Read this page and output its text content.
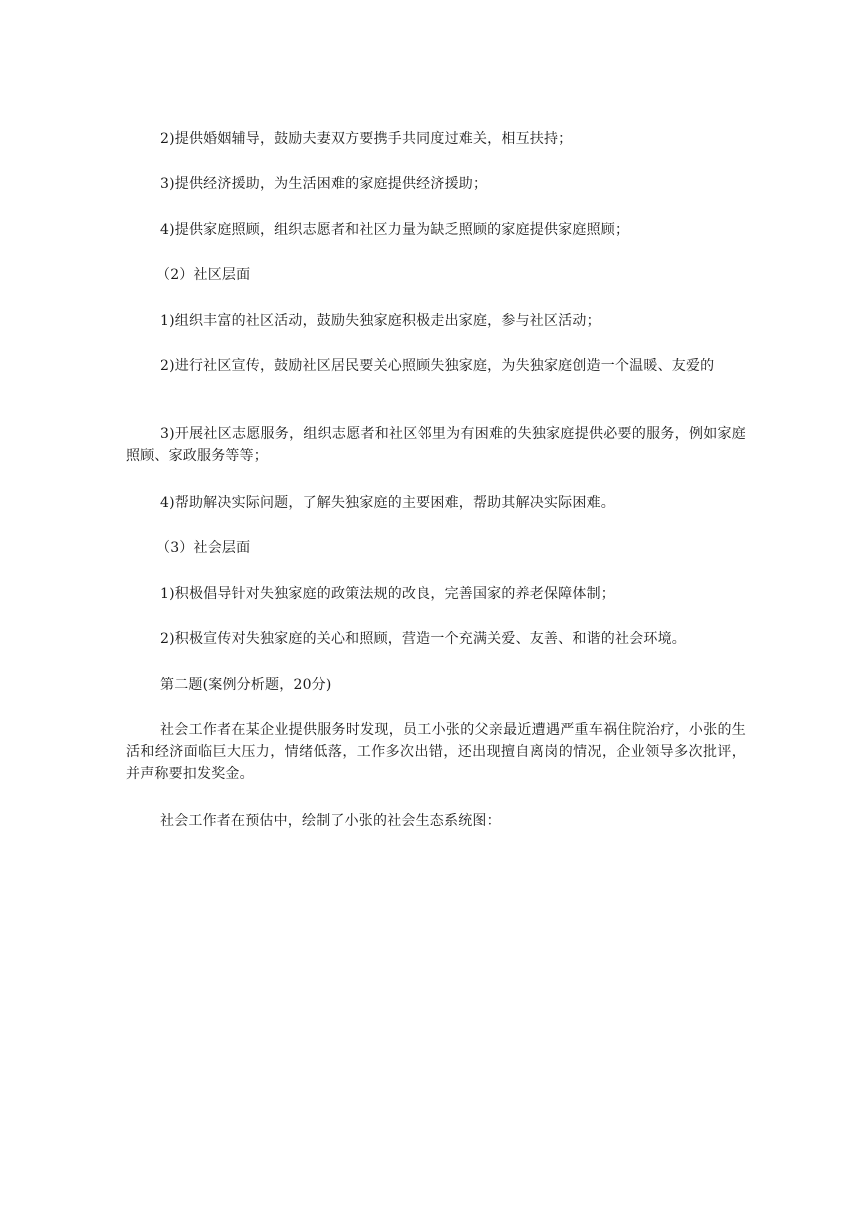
2)提供婚姻辅导，鼓励夫妻双方要携手共同度过难关，相互扶持；

3)提供经济援助，为生活困难的家庭提供经济援助；

4)提供家庭照顾，组织志愿者和社区力量为缺乏照顾的家庭提供家庭照顾；

（2）社区层面

1)组织丰富的社区活动，鼓励失独家庭积极走出家庭，参与社区活动；

2)进行社区宣传，鼓励社区居民要关心照顾失独家庭，为失独家庭创造一个温暖、友爱的

3)开展社区志愿服务，组织志愿者和社区邻里为有困难的失独家庭提供必要的服务，例如家庭照顾、家政服务等等；

4)帮助解决实际问题，了解失独家庭的主要困难，帮助其解决实际困难。

（3）社会层面

1)积极倡导针对失独家庭的政策法规的改良，完善国家的养老保障体制；

2)积极宣传对失独家庭的关心和照顾，营造一个充满关爱、友善、和谐的社会环境。

第二题(案例分析题，20分)

社会工作者在某企业提供服务时发现，员工小张的父亲最近遭遇严重车祸住院治疗，小张的生活和经济面临巨大压力，情绪低落，工作多次出错，还出现擅自离岗的情况，企业领导多次批评，并声称要扣发奖金。

社会工作者在预估中，绘制了小张的社会生态系统图：
